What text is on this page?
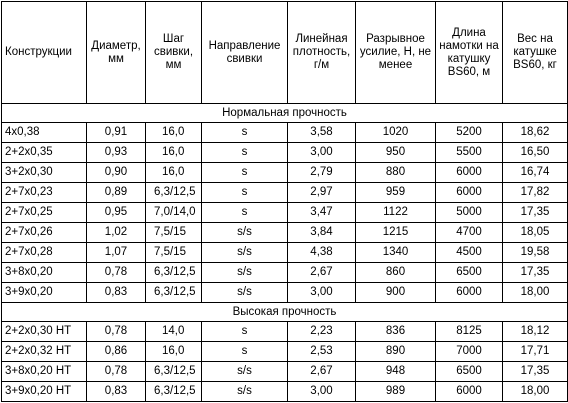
Конструкции	Диаметр, мм	Шаг свивки, мм	Направление свивки	Линейная плотность, г/м	Разрывное усилие, Н, не менее	Длина намотки на катушку BS60, м	Вес на катушке BS60, кг
Нормальная прочность							
4x0,38	0,91	16,0	s	3,58	1020	5200	18,62
2+2x0,35	0,93	16,0	s	3,00	950	5500	16,50
3+2x0,30	0,90	16,0	s	2,79	880	6000	16,74
2+7x0,23	0,89	6,3/12,5	s	2,97	959	6000	17,82
2+7x0,25	0,95	7,0/14,0	s	3,47	1122	5000	17,35
2+7x0,26	1,02	7,5/15	s/s	3,84	1215	4700	18,05
2+7x0,28	1,07	7,5/15	s/s	4,38	1340	4500	19,58
3+8x0,20	0,78	6,3/12,5	s/s	2,67	860	6500	17,35
3+9x0,20	0,83	6,3/12,5	s/s	3,00	900	6000	18,00
Высокая прочность							
2+2x0,30 HT	0,78	14,0	s	2,23	836	8125	18,12
2+2x0,32 HT	0,86	16,0	s	2,53	890	7000	17,71
3+8x0,20 HT	0,78	6,3/12,5	s/s	2,67	948	6500	17,35
3+9x0,20 HT	0,83	6,3/12,5	s/s	3,00	989	6000	18,00
